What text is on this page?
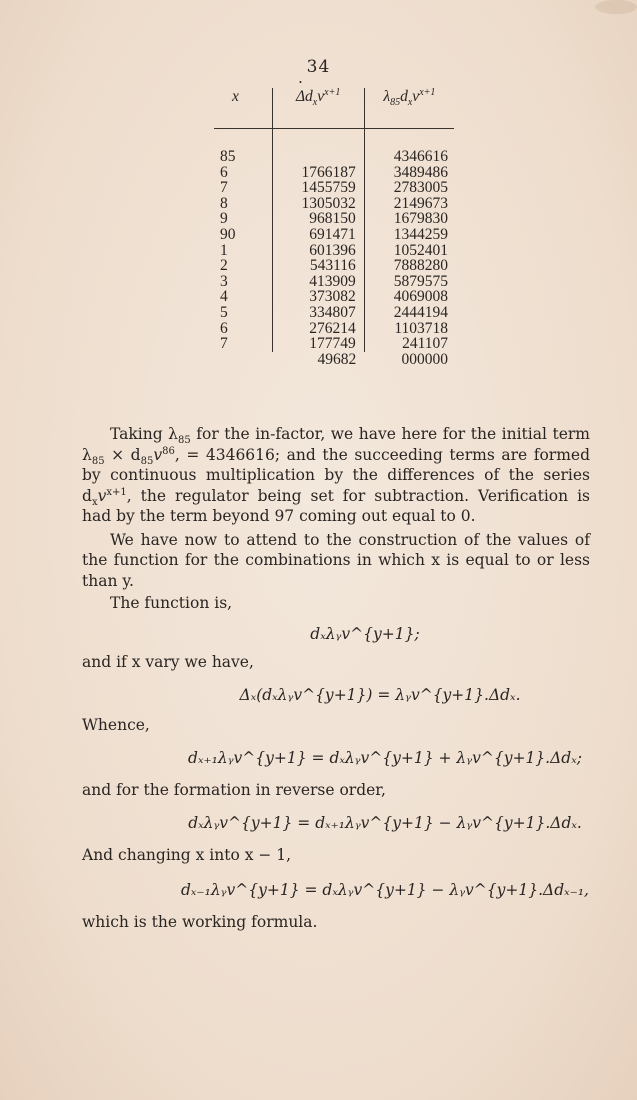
34
x	• $\Delta d_xv^{x+1}$	$\lambda_{85}d_xv^{x+1}$

85		4346616
6	1766187	3489486
7	1455759	2783005
8	1305032	2149673
9	968150	1679830
90	691471	1344259
1	601396	1052401
2	543116	7888280
3	413909	5879575
4	373082	4069008
5	334807	2444194
6	276214	1103718
7	177749	241107
	49682	000000

Taking $\lambda_{85}$ for the in-factor, we have here for the initial term $\lambda_{85} \times d_{85}v^{86}$, = 4346616; and the succeeding terms are formed by continuous multiplication by the differences of the series $d_xv^{x+1}$, the regulator being set for subtraction. Verification is had by the term beyond 97 coming out equal to 0.

We have now to attend to the construction of the values of the function for the combinations in which x is equal to or less than y.

The function is,

dₓλᵧv^{y+1};

and if x vary we have,

Δₓ(dₓλᵧv^{y+1}) = λᵧv^{y+1}.Δdₓ.

Whence,

dₓ₊₁λᵧv^{y+1} = dₓλᵧv^{y+1} + λᵧv^{y+1}.Δdₓ;

and for the formation in reverse order,

dₓλᵧv^{y+1} = dₓ₊₁λᵧv^{y+1} − λᵧv^{y+1}.Δdₓ.

And changing x into x − 1,

dₓ₋₁λᵧv^{y+1} = dₓλᵧv^{y+1} − λᵧv^{y+1}.Δdₓ₋₁,

which is the working formula.
